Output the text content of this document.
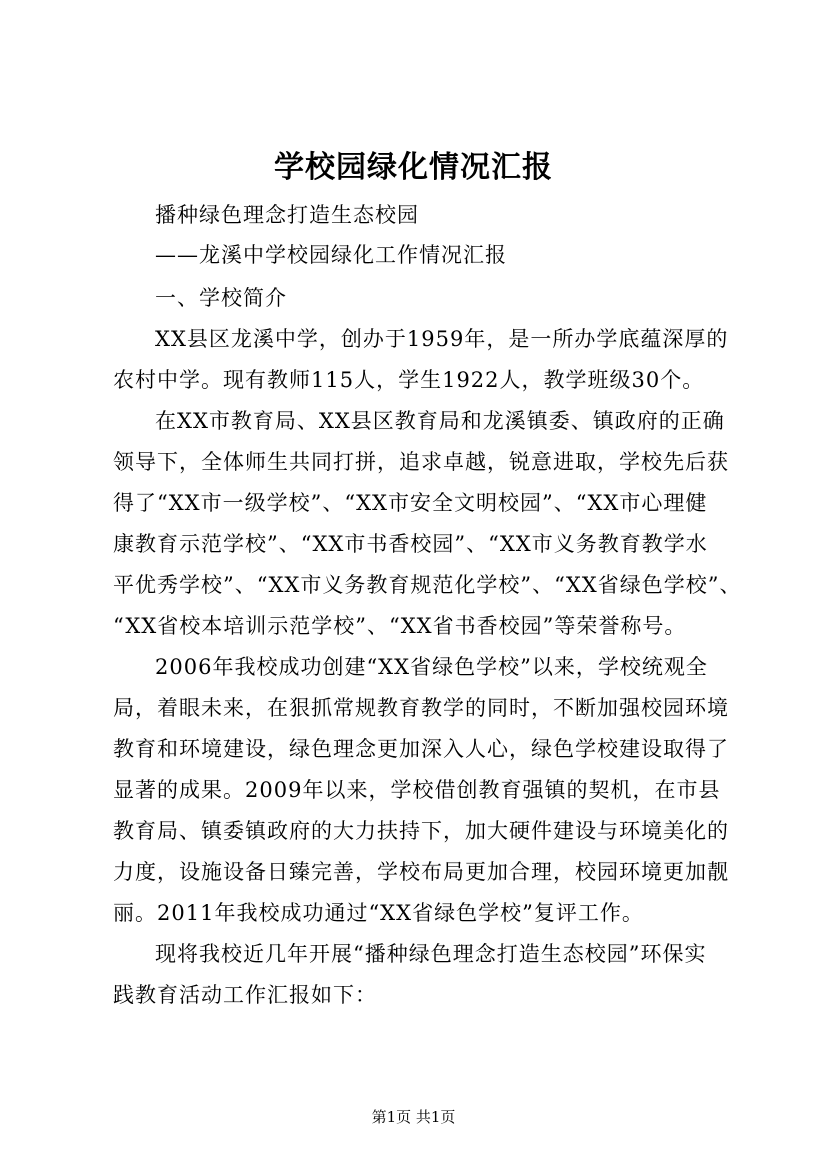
学校园绿化情况汇报
播种绿色理念打造生态校园
——龙溪中学校园绿化工作情况汇报
一、学校简介
XX县区龙溪中学，创办于1959年，是一所办学底蕴深厚的
农村中学。现有教师115人，学生1922人，教学班级30个。
在XX市教育局、XX县区教育局和龙溪镇委、镇政府的正确
领导下，全体师生共同打拼，追求卓越，锐意进取，学校先后获
得了“XX市一级学校”、“XX市安全文明校园”、“XX市心理健
康教育示范学校”、“XX市书香校园”、“XX市义务教育教学水
平优秀学校”、“XX市义务教育规范化学校”、“XX省绿色学校”、
“XX省校本培训示范学校”、“XX省书香校园”等荣誉称号。
2006年我校成功创建“XX省绿色学校”以来，学校统观全
局，着眼未来，在狠抓常规教育教学的同时，不断加强校园环境
教育和环境建设，绿色理念更加深入人心，绿色学校建设取得了
显著的成果。2009年以来，学校借创教育强镇的契机，在市县
教育局、镇委镇政府的大力扶持下，加大硬件建设与环境美化的
力度，设施设备日臻完善，学校布局更加合理，校园环境更加靓
丽。2011年我校成功通过“XX省绿色学校”复评工作。
现将我校近几年开展“播种绿色理念打造生态校园”环保实
践教育活动工作汇报如下：
第1页 共1页
